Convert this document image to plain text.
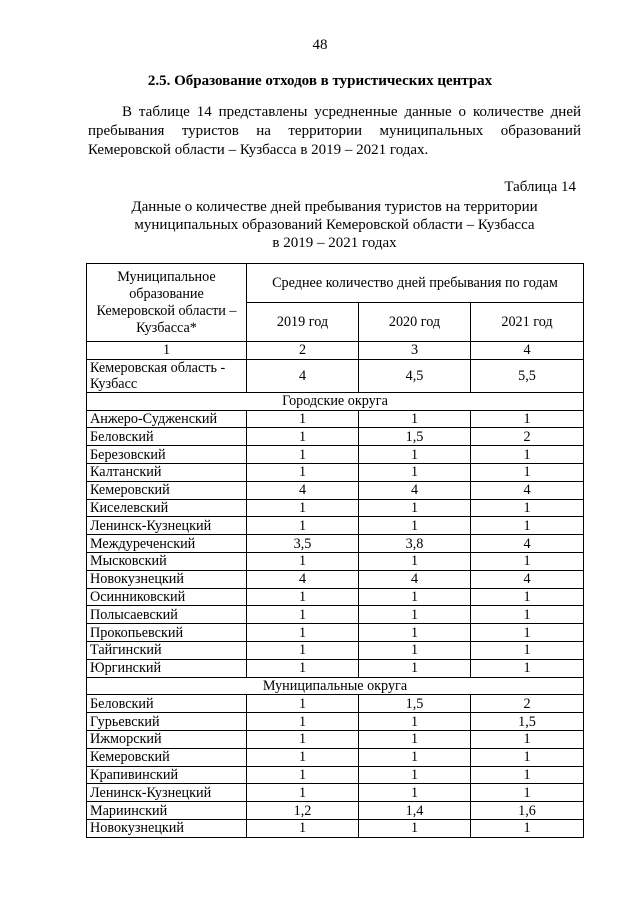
48
2.5. Образование отходов в туристических центрах
В таблице 14 представлены усредненные данные о количестве дней пребывания туристов на территории муниципальных образований Кемеровской области – Кузбасса в 2019 – 2021 годах.
Таблица 14
Данные о количестве дней пребывания туристов на территории
муниципальных образований Кемеровской области – Кузбасса
в 2019 – 2021 годах
Муниципальное образование Кемеровской области – Кузбасса*	Среднее количество дней пребывания по годам		
	2019 год	2020 год	2021 год
1	2	3	4
Кемеровская область - Кузбасс	4	4,5	5,5
Городские округа			
Анжеро-Судженский	1	1	1
Беловский	1	1,5	2
Березовский	1	1	1
Калтанский	1	1	1
Кемеровский	4	4	4
Киселевский	1	1	1
Ленинск-Кузнецкий	1	1	1
Междуреченский	3,5	3,8	4
Мысковский	1	1	1
Новокузнецкий	4	4	4
Осинниковский	1	1	1
Полысаевский	1	1	1
Прокопьевский	1	1	1
Тайгинский	1	1	1
Юргинский	1	1	1
Муниципальные округа			
Беловский	1	1,5	2
Гурьевский	1	1	1,5
Ижморский	1	1	1
Кемеровский	1	1	1
Крапивинский	1	1	1
Ленинск-Кузнецкий	1	1	1
Мариинский	1,2	1,4	1,6
Новокузнецкий	1	1	1
